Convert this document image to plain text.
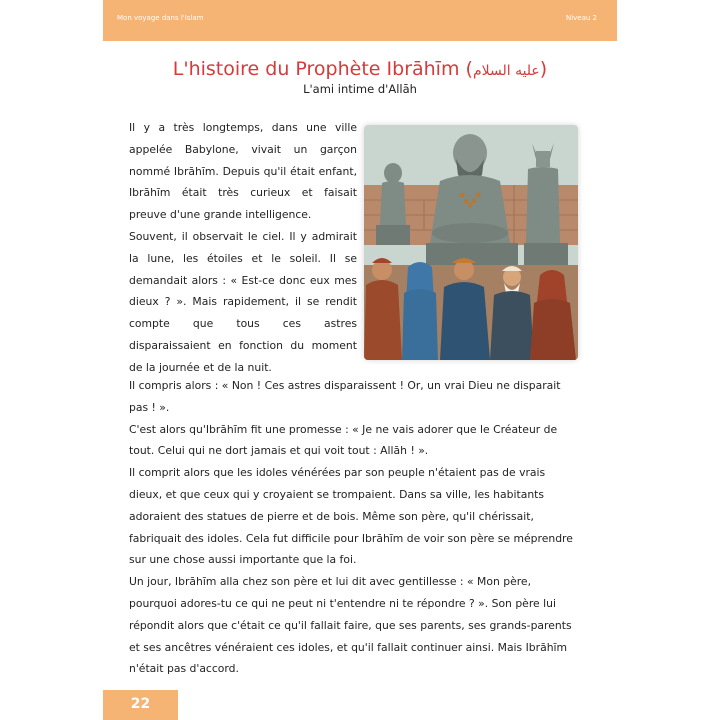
Mon voyage dans l'Islam	Niveau 2
L'histoire du Prophète Ibrāhīm (عليه السلام)
L'ami intime d'Allāh

Il y a très longtemps, dans une ville appelée Babylone, vivait un garçon nommé Ibrāhīm. Depuis qu'il était enfant, Ibrāhīm était très curieux et faisait preuve d'une grande intelligence.

Souvent, il observait le ciel. Il y admirait la lune, les étoiles et le soleil. Il se demandait alors : « Est-ce donc eux mes dieux ? ». Mais rapidement, il se rendit compte que tous ces astres disparaissaient en fonction du moment de la journée et de la nuit.

Il compris alors : « Non ! Ces astres disparaissent ! Or, un vrai Dieu ne disparait pas ! ».

C'est alors qu'Ibrāhīm fit une promesse : « Je ne vais adorer que le Créateur de tout. Celui qui ne dort jamais et qui voit tout : Allāh ! ».

Il comprit alors que les idoles vénérées par son peuple n'étaient pas de vrais dieux, et que ceux qui y croyaient se trompaient. Dans sa ville, les habitants adoraient des statues de pierre et de bois. Même son père, qu'il chérissait, fabriquait des idoles. Cela fut difficile pour Ibrāhīm de voir son père se méprendre sur une chose aussi importante que la foi.

Un jour, Ibrāhīm alla chez son père et lui dit avec gentillesse : « Mon père, pourquoi adores-tu ce qui ne peut ni t'entendre ni te répondre ? ». Son père lui répondit alors que c'était ce qu'il fallait faire, que ses parents, ses grands-parents et ses ancêtres vénéraient ces idoles, et qu'il fallait continuer ainsi. Mais Ibrāhīm n'était pas d'accord.

22
